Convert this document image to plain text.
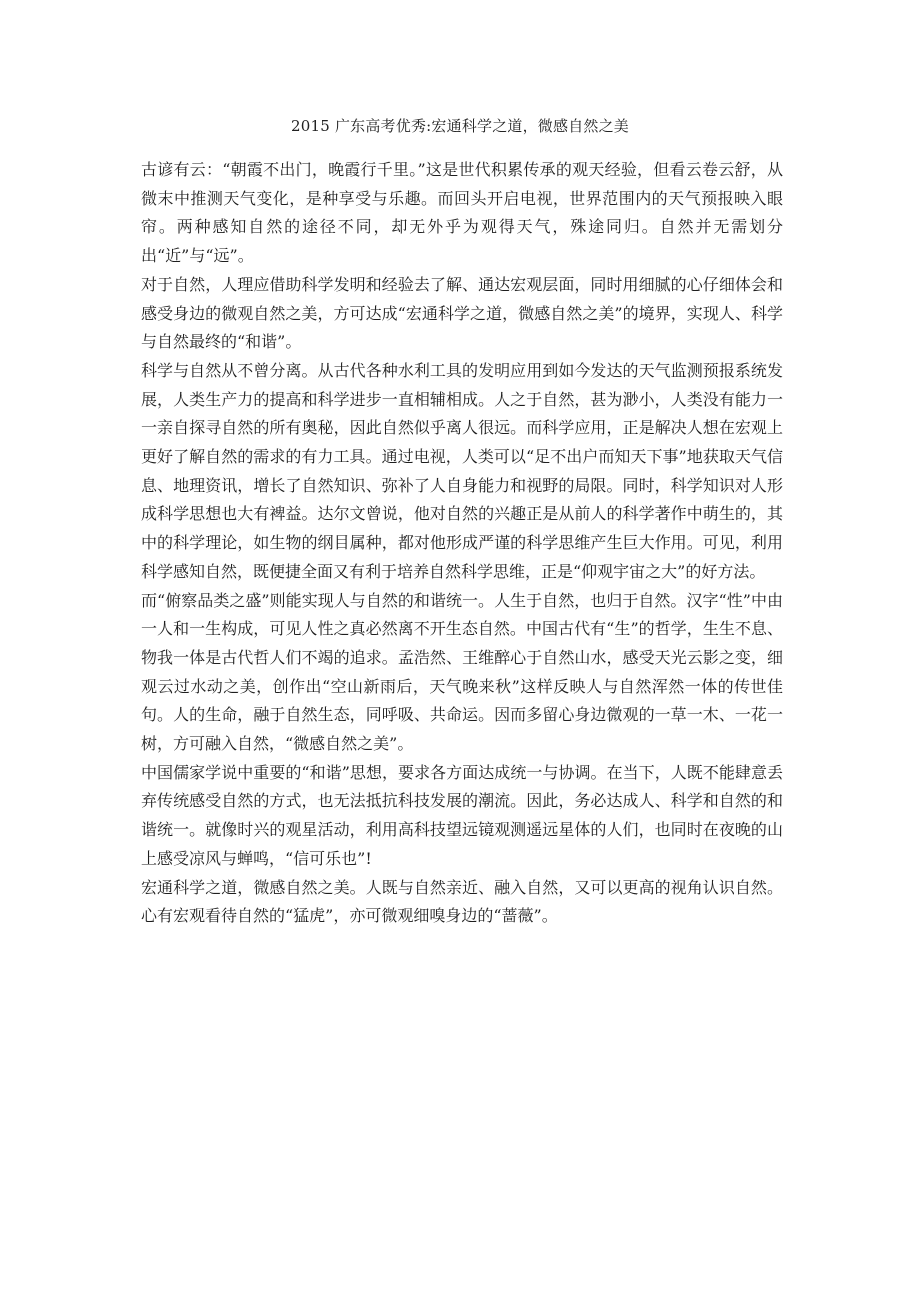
2015 广东高考优秀:宏通科学之道，微感自然之美

古谚有云：“朝霞不出门，晚霞行千里。”这是世代积累传承的观天经验，但看云卷云舒，从微末中推测天气变化，是种享受与乐趣。而回头开启电视，世界范围内的天气预报映入眼帘。两种感知自然的途径不同，却无外乎为观得天气，殊途同归。自然并无需划分出“近”与“远”。

对于自然，人理应借助科学发明和经验去了解、通达宏观层面，同时用细腻的心仔细体会和感受身边的微观自然之美，方可达成“宏通科学之道，微感自然之美”的境界，实现人、科学与自然最终的“和谐”。

科学与自然从不曾分离。从古代各种水利工具的发明应用到如今发达的天气监测预报系统发展，人类生产力的提高和科学进步一直相辅相成。人之于自然，甚为渺小，人类没有能力一一亲自探寻自然的所有奥秘，因此自然似乎离人很远。而科学应用，正是解决人想在宏观上更好了解自然的需求的有力工具。通过电视，人类可以“足不出户而知天下事”地获取天气信息、地理资讯，增长了自然知识、弥补了人自身能力和视野的局限。同时，科学知识对人形成科学思想也大有裨益。达尔文曾说，他对自然的兴趣正是从前人的科学著作中萌生的，其中的科学理论，如生物的纲目属种，都对他形成严谨的科学思维产生巨大作用。可见，利用科学感知自然，既便捷全面又有利于培养自然科学思维，正是“仰观宇宙之大”的好方法。

而“俯察品类之盛”则能实现人与自然的和谐统一。人生于自然，也归于自然。汉字“性”中由一人和一生构成，可见人性之真必然离不开生态自然。中国古代有“生”的哲学，生生不息、物我一体是古代哲人们不竭的追求。孟浩然、王维醉心于自然山水，感受天光云影之变，细观云过水动之美，创作出“空山新雨后，天气晚来秋”这样反映人与自然浑然一体的传世佳句。人的生命，融于自然生态，同呼吸、共命运。因而多留心身边微观的一草一木、一花一树，方可融入自然，“微感自然之美”。

中国儒家学说中重要的“和谐”思想，要求各方面达成统一与协调。在当下，人既不能肆意丢弃传统感受自然的方式，也无法抵抗科技发展的潮流。因此，务必达成人、科学和自然的和谐统一。就像时兴的观星活动，利用高科技望远镜观测遥远星体的人们，也同时在夜晚的山上感受凉风与蝉鸣，“信可乐也”!

宏通科学之道，微感自然之美。人既与自然亲近、融入自然，又可以更高的视角认识自然。心有宏观看待自然的“猛虎”，亦可微观细嗅身边的“蔷薇”。
